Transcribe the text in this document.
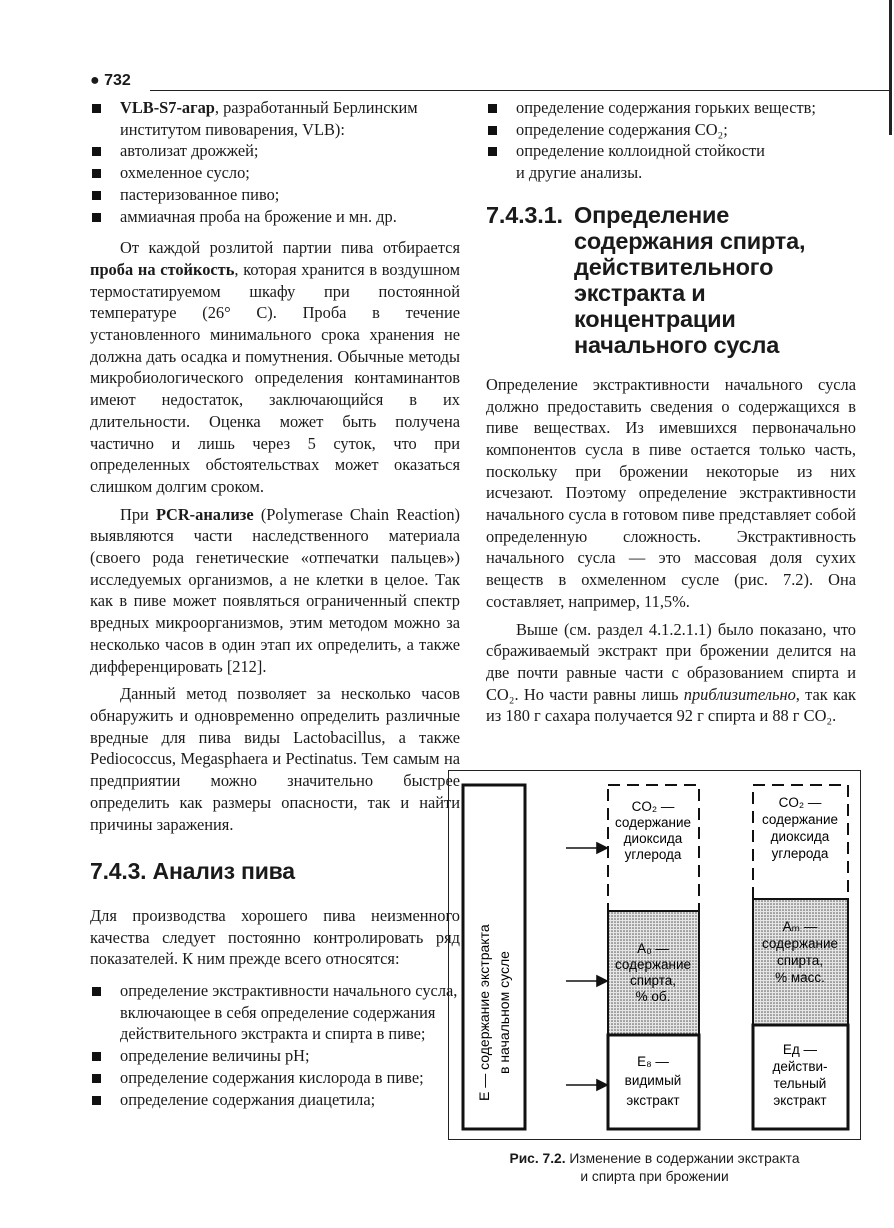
● 732
VLB-S7-агар, разработанный Берлинским институтом пивоварения, VLB):
автолизат дрожжей;
охмеленное сусло;
пастеризованное пиво;
аммиачная проба на брожение и мн. др.

От каждой розлитой партии пива отбирается проба на стойкость, которая хранится в воздушном термостатируемом шкафу при постоянной температуре (26° С). Проба в течение установленного минимального срока хранения не должна дать осадка и помутнения. Обычные методы микробиологического определения контаминантов имеют недостаток, заключающийся в их длительности. Оценка может быть получена частично и лишь через 5 суток, что при определенных обстоятельствах может оказаться слишком долгим сроком.

При PCR-анализе (Polymerase Chain Reaction) выявляются части наследственного материала (своего рода генетические «отпечатки пальцев») исследуемых организмов, а не клетки в целое. Так как в пиве может появляться ограниченный спектр вредных микроорганизмов, этим методом можно за несколько часов в один этап их определить, а также дифференцировать [212].

Данный метод позволяет за несколько часов обнаружить и одновременно определить различные вредные для пива виды Lactobacillus, а также Pediococcus, Megasphaera и Pectinatus. Тем самым на предприятии можно значительно быстрее определить как размеры опасности, так и найти причины заражения.

7.4.3. Анализ пива

Для производства хорошего пива неизменного качества следует постоянно контролировать ряд показателей. К ним прежде всего относятся:

определение экстрактивности начального сусла, включающее в себя определение содержания действительного экстракта и спирта в пиве;
определение величины pH;
определение содержания кислорода в пиве;
определение содержания диацетила;
определение содержания горьких веществ;
определение содержания CO₂;
определение коллоидной стойкости
и другие анализы.
7.4.3.1. Определение содержания спирта, действительного экстракта и концентрации начального сусла

Определение экстрактивности начального сусла должно предоставить сведения о содержащихся в пиве веществах. Из имевшихся первоначально компонентов сусла в пиве остается только часть, поскольку при брожении некоторые из них исчезают. Поэтому определение экстрактивности начального сусла в готовом пиве представляет собой определенную сложность. Экстрактивность начального сусла — это массовая доля сухих веществ в охмеленном сусле (рис. 7.2). Она составляет, например, 11,5%.

Выше (см. раздел 4.1.2.1.1) было показано, что сбраживаемый экстракт при брожении делится на две почти равные части с образованием спирта и CO₂. Но части равны лишь приблизительно, так как из 180 г сахара получается 92 г спирта и 88 г CO₂.

E — содержание экстракта в начальном сусле
CO₂ —
содержание
диоксида
углерода
A₀ —
содержание
спирта,
% об.
E₈ —
видимый
экстракт
CO₂ —
содержание
диоксида
углерода
Aₘ —
содержание
спирта,
% масс.
Eд —
действи-
тельный
экстракт
Рис. 7.2. Изменение в содержании экстракта
и спирта при брожении
